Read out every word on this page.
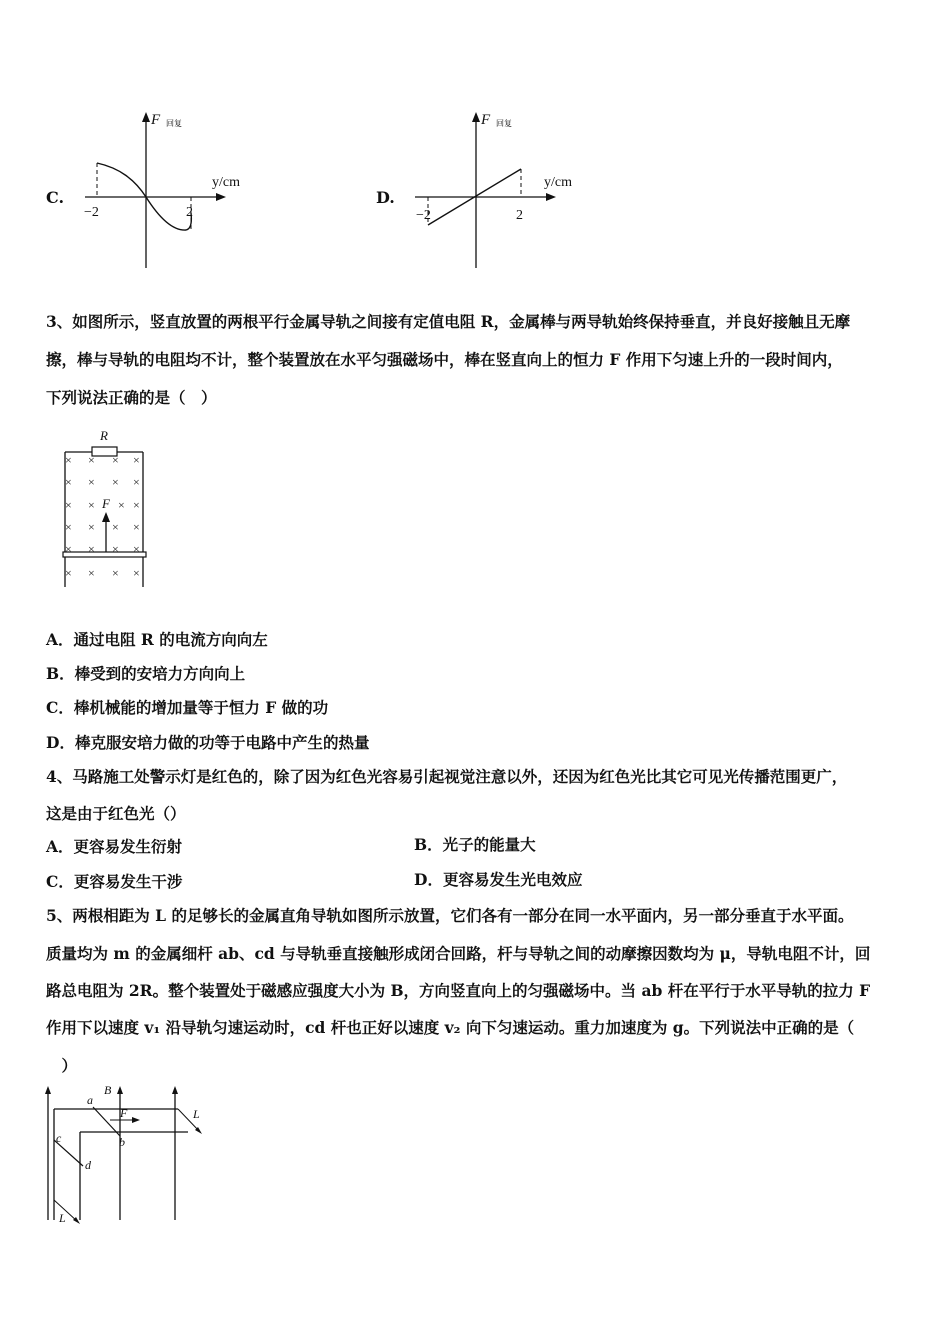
C.
F 回复
y/cm
−2	2
D.
F 回复
y/cm
−2	2
3、如图所示，竖直放置的两根平行金属导轨之间接有定值电阻 R，金属棒与两导轨始终保持垂直，并良好接触且无摩
擦，棒与导轨的电阻均不计，整个装置放在水平匀强磁场中，棒在竖直向上的恒力 F 作用下匀速上升的一段时间内，
下列说法正确的是（　）
R
F
× × × ×
× × × ×
× × × ×
× × × ×
× × × ×
× × × ×
A．通过电阻 R 的电流方向向左
B．棒受到的安培力方向向上
C．棒机械能的增加量等于恒力 F 做的功
D．棒克服安培力做的功等于电路中产生的热量
4、马路施工处警示灯是红色的，除了因为红色光容易引起视觉注意以外，还因为红色光比其它可见光传播范围更广，
这是由于红色光（）
A．更容易发生衍射	B．光子的能量大
C．更容易发生干涉	D．更容易发生光电效应
5、两根相距为 L 的足够长的金属直角导轨如图所示放置，它们各有一部分在同一水平面内，另一部分垂直于水平面。
质量均为 m 的金属细杆 ab、cd 与导轨垂直接触形成闭合回路，杆与导轨之间的动摩擦因数均为 μ，导轨电阻不计，回
路总电阻为 2R。整个装置处于磁感应强度大小为 B，方向竖直向上的匀强磁场中。当 ab 杆在平行于水平导轨的拉力 F
作用下以速度 v₁ 沿导轨匀速运动时，cd 杆也正好以速度 v₂ 向下匀速运动。重力加速度为 g。下列说法中正确的是（
　）
a
b
c
d
B
F	L
L
